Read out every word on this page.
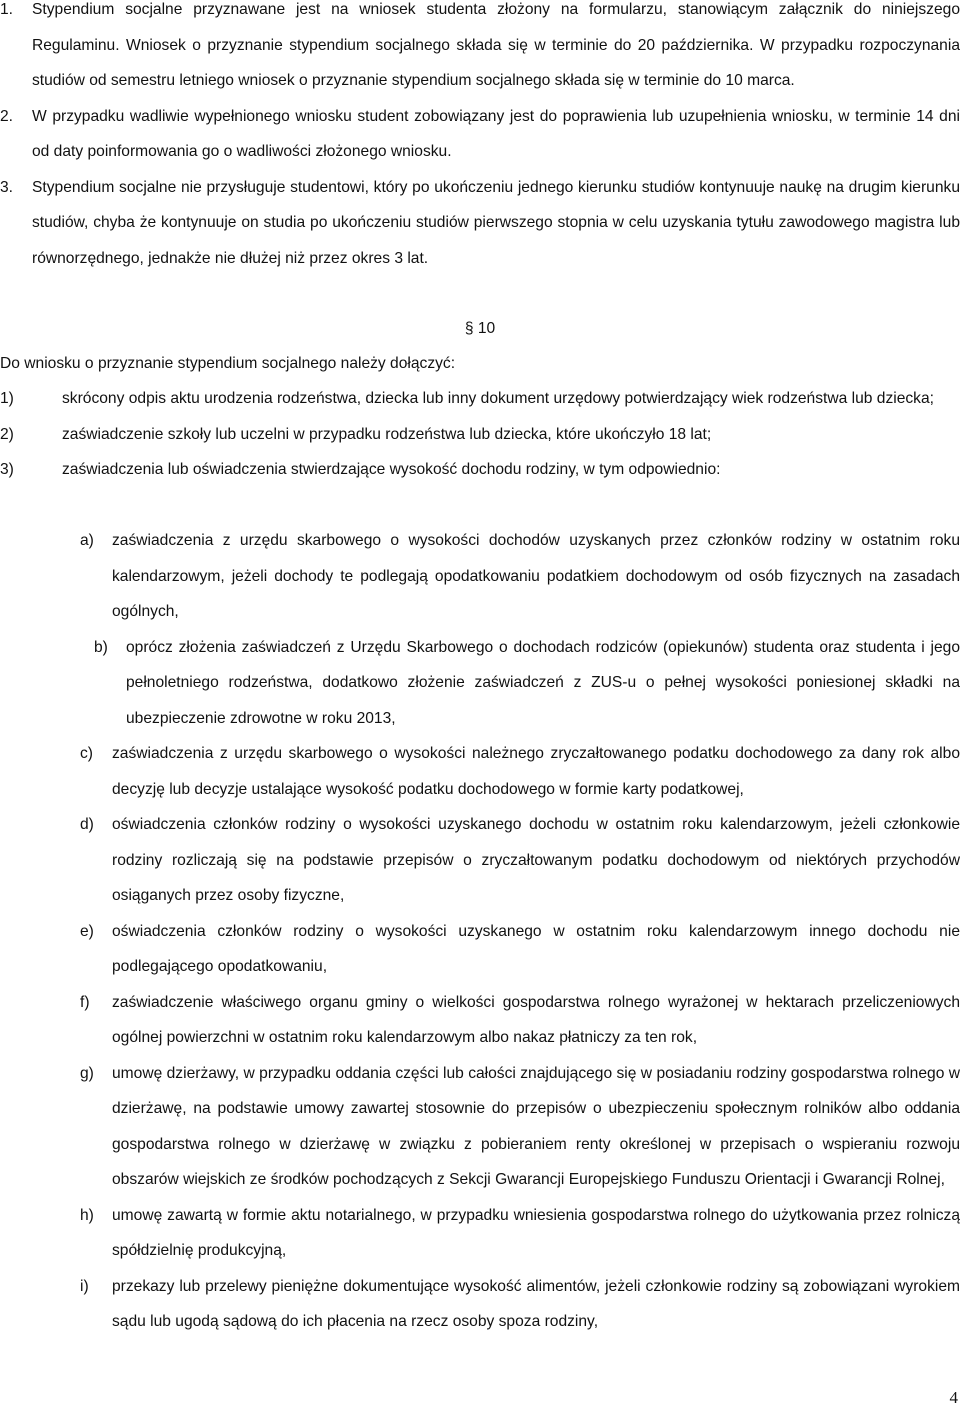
1. Stypendium socjalne przyznawane jest na wniosek studenta złożony na formularzu, stanowiącym załącznik do niniejszego Regulaminu. Wniosek o przyznanie stypendium socjalnego składa się w terminie do 20 października. W przypadku rozpoczynania studiów od semestru letniego wniosek o przyznanie stypendium socjalnego składa się w terminie do 10 marca.
2. W przypadku wadliwie wypełnionego wniosku student zobowiązany jest do poprawienia lub uzupełnienia wniosku, w terminie 14 dni od daty poinformowania go o wadliwości złożonego wniosku.
3. Stypendium socjalne nie przysługuje studentowi, który po ukończeniu jednego kierunku studiów kontynuuje naukę na drugim kierunku studiów, chyba że kontynuuje on studia po ukończeniu studiów pierwszego stopnia w celu uzyskania tytułu zawodowego magistra lub równorzędnego, jednakże nie dłużej niż przez okres 3 lat.
§ 10
Do wniosku o przyznanie stypendium socjalnego należy dołączyć:
1)	skrócony odpis aktu urodzenia rodzeństwa, dziecka lub inny dokument urzędowy potwierdzający wiek rodzeństwa lub dziecka;
2)	zaświadczenie szkoły lub uczelni w przypadku rodzeństwa lub dziecka, które ukończyło 18 lat;
3)	zaświadczenia lub oświadczenia stwierdzające wysokość dochodu rodziny, w tym odpowiednio:
a) zaświadczenia z urzędu skarbowego o wysokości dochodów uzyskanych przez członków rodziny w ostatnim roku kalendarzowym, jeżeli dochody te podlegają opodatkowaniu podatkiem dochodowym od osób fizycznych na zasadach ogólnych,
b) oprócz złożenia zaświadczeń z Urzędu Skarbowego o dochodach rodziców (opiekunów) studenta oraz studenta i jego pełnoletniego rodzeństwa, dodatkowo złożenie zaświadczeń z ZUS-u o pełnej wysokości poniesionej składki na ubezpieczenie zdrowotne w roku 2013,
c) zaświadczenia z urzędu skarbowego o wysokości należnego zryczałtowanego podatku dochodowego za dany rok albo decyzję lub decyzje ustalające wysokość podatku dochodowego w formie karty podatkowej,
d) oświadczenia członków rodziny o wysokości uzyskanego dochodu w ostatnim roku kalendarzowym, jeżeli członkowie rodziny rozliczają się na podstawie przepisów o zryczałtowanym podatku dochodowym od niektórych przychodów osiąganych przez osoby fizyczne,
e) oświadczenia członków rodziny o wysokości uzyskanego w ostatnim roku kalendarzowym innego dochodu nie podlegającego opodatkowaniu,
f) zaświadczenie właściwego organu gminy o wielkości gospodarstwa rolnego wyrażonej w hektarach przeliczeniowych ogólnej powierzchni w ostatnim roku kalendarzowym albo nakaz płatniczy za ten rok,
g) umowę dzierżawy, w przypadku oddania części lub całości znajdującego się w posiadaniu rodziny gospodarstwa rolnego w dzierżawę, na podstawie umowy zawartej stosownie do przepisów o ubezpieczeniu społecznym rolników albo oddania gospodarstwa rolnego w dzierżawę w związku z pobieraniem renty określonej w przepisach o wspieraniu rozwoju obszarów wiejskich ze środków pochodzących z Sekcji Gwarancji Europejskiego Funduszu Orientacji i Gwarancji Rolnej,
h) umowę zawartą w formie aktu notarialnego, w przypadku wniesienia gospodarstwa rolnego do użytkowania przez rolniczą spółdzielnię produkcyjną,
i) przekazy lub przelewy pieniężne dokumentujące wysokość alimentów, jeżeli członkowie rodziny są zobowiązani wyrokiem sądu lub ugodą sądową do ich płacenia na rzecz osoby spoza rodziny,
4
